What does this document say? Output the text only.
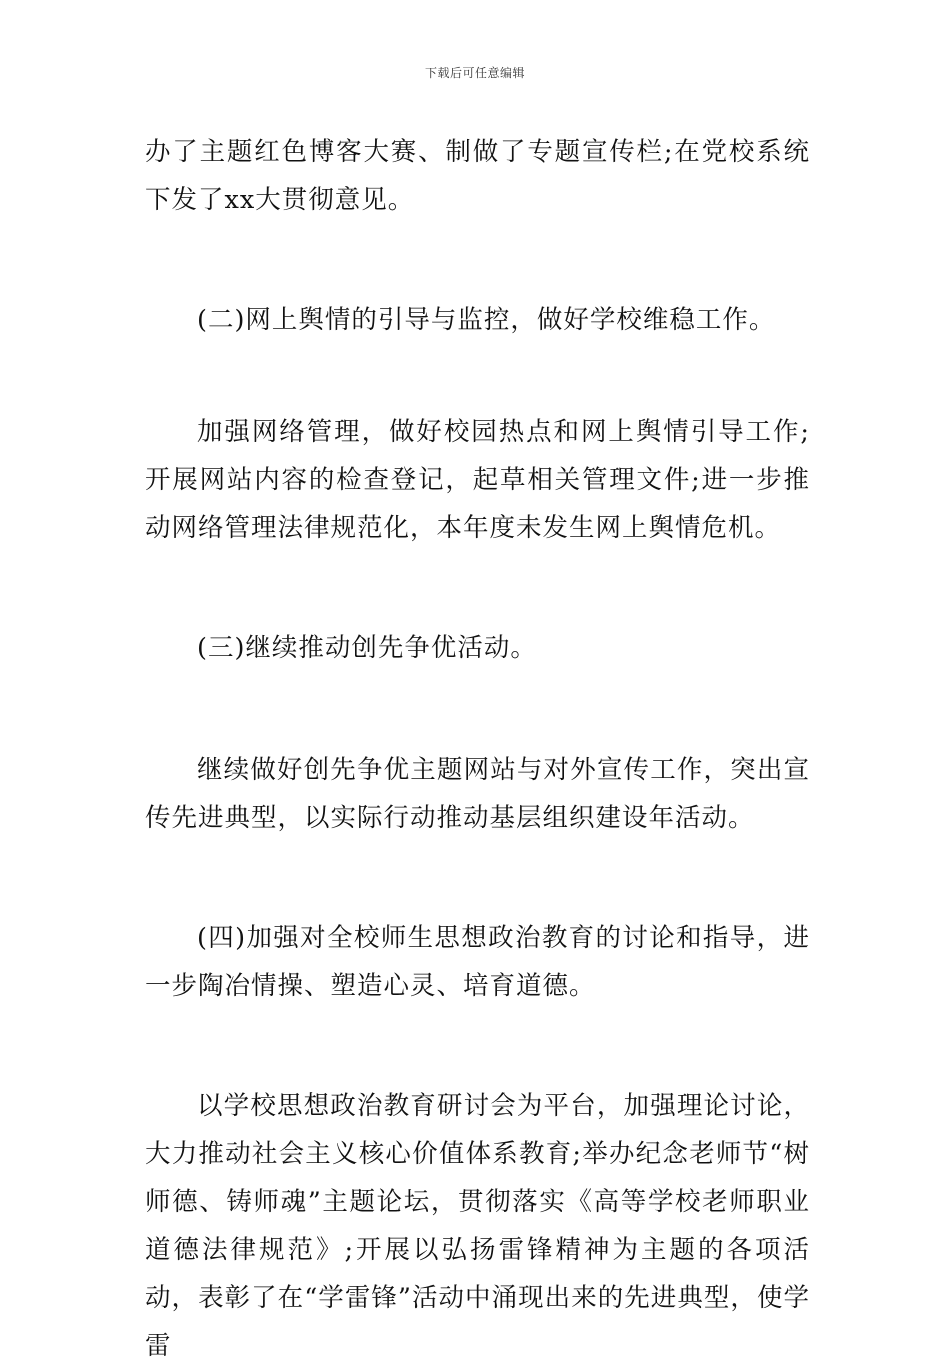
下载后可任意编辑

办了主题红色博客大赛、制做了专题宣传栏;在党校系统下发了xx大贯彻意见。

(二)网上舆情的引导与监控，做好学校维稳工作。

加强网络管理，做好校园热点和网上舆情引导工作;开展网站内容的检查登记，起草相关管理文件;进一步推动网络管理法律规范化，本年度未发生网上舆情危机。

(三)继续推动创先争优活动。

继续做好创先争优主题网站与对外宣传工作，突出宣传先进典型，以实际行动推动基层组织建设年活动。

(四)加强对全校师生思想政治教育的讨论和指导，进一步陶冶情操、塑造心灵、培育道德。

以学校思想政治教育研讨会为平台，加强理论讨论，大力推动社会主义核心价值体系教育;举办纪念老师节“树师德、铸师魂”主题论坛，贯彻落实《高等学校老师职业道德法律规范》;开展以弘扬雷锋精神为主题的各项活动，表彰了在“学雷锋”活动中涌现出来的先进典型，使学雷
